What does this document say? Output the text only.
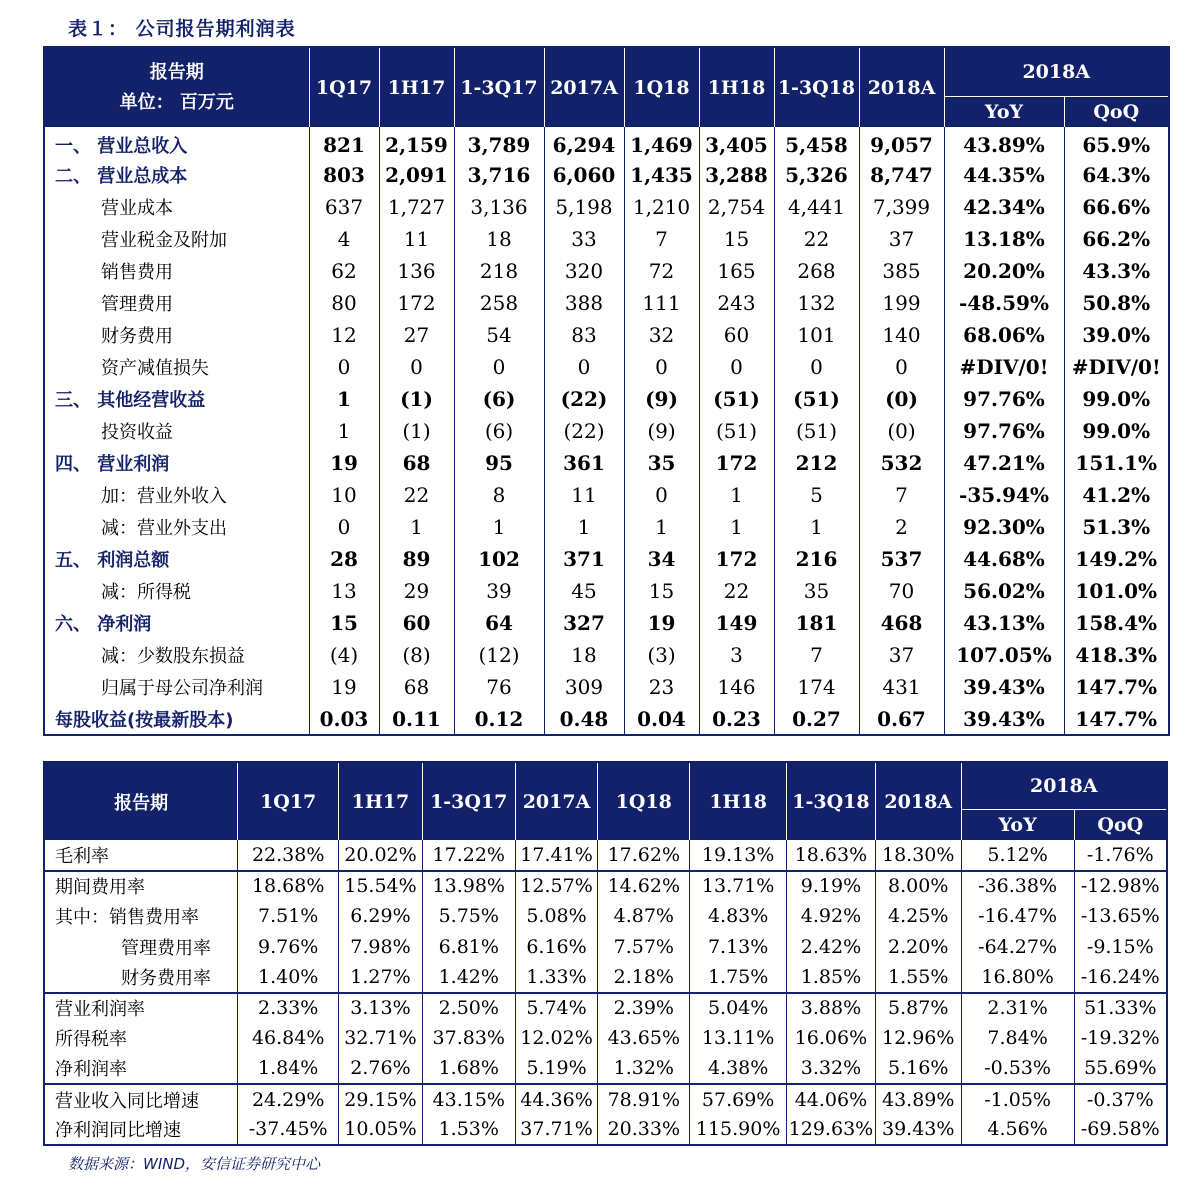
表１： 公司报告期利润表
报告期
单位： 百万元	1Q17	1H17	1-3Q17	2017A	1Q18	1H18	1-3Q18	2018A	2018A	
									YoY	QoQ
一、 营业总收入	821	2,159	3,789	6,294	1,469	3,405	5,458	9,057	43.89%	65.9%
二、 营业总成本	803	2,091	3,716	6,060	1,435	3,288	5,326	8,747	44.35%	64.3%
营业成本	637	1,727	3,136	5,198	1,210	2,754	4,441	7,399	42.34%	66.6%
营业税金及附加	4	11	18	33	7	15	22	37	13.18%	66.2%
销售费用	62	136	218	320	72	165	268	385	20.20%	43.3%
管理费用	80	172	258	388	111	243	132	199	-48.59%	50.8%
财务费用	12	27	54	83	32	60	101	140	68.06%	39.0%
资产减值损失	0	0	0	0	0	0	0	0	#DIV/0!	#DIV/0!
三、 其他经营收益	1	(1)	(6)	(22)	(9)	(51)	(51)	(0)	97.76%	99.0%
投资收益	1	(1)	(6)	(22)	(9)	(51)	(51)	(0)	97.76%	99.0%
四、 营业利润	19	68	95	361	35	172	212	532	47.21%	151.1%
加：营业外收入	10	22	8	11	0	1	5	7	-35.94%	41.2%
减：营业外支出	0	1	1	1	1	1	1	2	92.30%	51.3%
五、 利润总额	28	89	102	371	34	172	216	537	44.68%	149.2%
减：所得税	13	29	39	45	15	22	35	70	56.02%	101.0%
六、 净利润	15	60	64	327	19	149	181	468	43.13%	158.4%
减：少数股东损益	(4)	(8)	(12)	18	(3)	3	7	37	107.05%	418.3%
归属于母公司净利润	19	68	76	309	23	146	174	431	39.43%	147.7%
每股收益(按最新股本)	0.03	0.11	0.12	0.48	0.04	0.23	0.27	0.67	39.43%	147.7%
报告期	1Q17	1H17	1-3Q17	2017A	1Q18	1H18	1-3Q18	2018A	2018A	
									YoY	QoQ
毛利率	22.38%	20.02%	17.22%	17.41%	17.62%	19.13%	18.63%	18.30%	5.12%	-1.76%
期间费用率	18.68%	15.54%	13.98%	12.57%	14.62%	13.71%	9.19%	8.00%	-36.38%	-12.98%
其中：销售费用率	7.51%	6.29%	5.75%	5.08%	4.87%	4.83%	4.92%	4.25%	-16.47%	-13.65%
管理费用率	9.76%	7.98%	6.81%	6.16%	7.57%	7.13%	2.42%	2.20%	-64.27%	-9.15%
财务费用率	1.40%	1.27%	1.42%	1.33%	2.18%	1.75%	1.85%	1.55%	16.80%	-16.24%
营业利润率	2.33%	3.13%	2.50%	5.74%	2.39%	5.04%	3.88%	5.87%	2.31%	51.33%
所得税率	46.84%	32.71%	37.83%	12.02%	43.65%	13.11%	16.06%	12.96%	7.84%	-19.32%
净利润率	1.84%	2.76%	1.68%	5.19%	1.32%	4.38%	3.32%	5.16%	-0.53%	55.69%
营业收入同比增速	24.29%	29.15%	43.15%	44.36%	78.91%	57.69%	44.06%	43.89%	-1.05%	-0.37%
净利润同比增速	-37.45%	10.05%	1.53%	37.71%	20.33%	115.90%	129.63%	39.43%	4.56%	-69.58%
数据来源：WIND，安信证券研究中心
